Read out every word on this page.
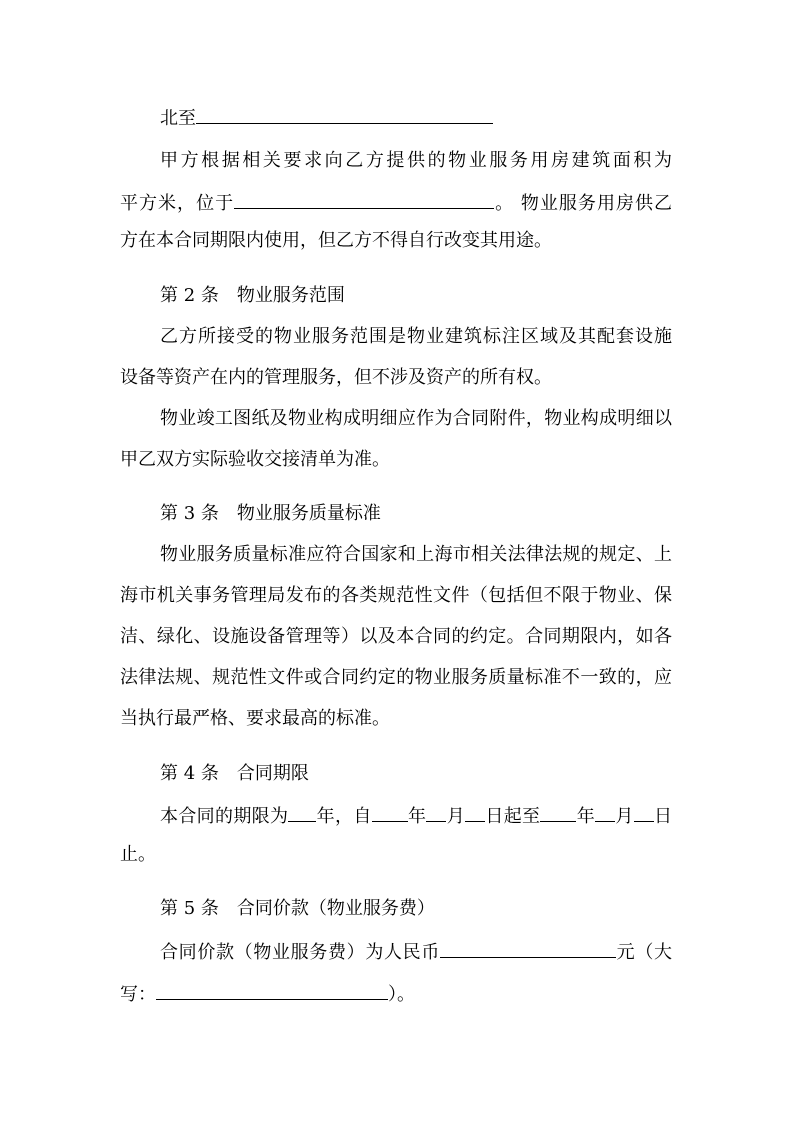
北至
甲方根据相关要求向乙方提供的物业服务用房建筑面积为
平方米，位于	。 物业服务用房供乙
方在本合同期限内使用，但乙方不得自行改变其用途。
第 2 条 物业服务范围
乙方所接受的物业服务范围是物业建筑标注区域及其配套设施
设备等资产在内的管理服务，但不涉及资产的所有权。
物业竣工图纸及物业构成明细应作为合同附件，物业构成明细以
甲乙双方实际验收交接清单为准。
第 3 条 物业服务质量标准
物业服务质量标准应符合国家和上海市相关法律法规的规定、上
海市机关事务管理局发布的各类规范性文件（包括但不限于物业、保
洁、绿化、设施设备管理等）以及本合同的约定。合同期限内，如各
法律法规、规范性文件或合同约定的物业服务质量标准不一致的，应
当执行最严格、要求最高的标准。
第 4 条 合同期限
本合同的期限为 年，自 年 月 日起至 年 月 日
止。
第 5 条 合同价款（物业服务费）
合同价款（物业服务费）为人民币	元（大
写：	）。
